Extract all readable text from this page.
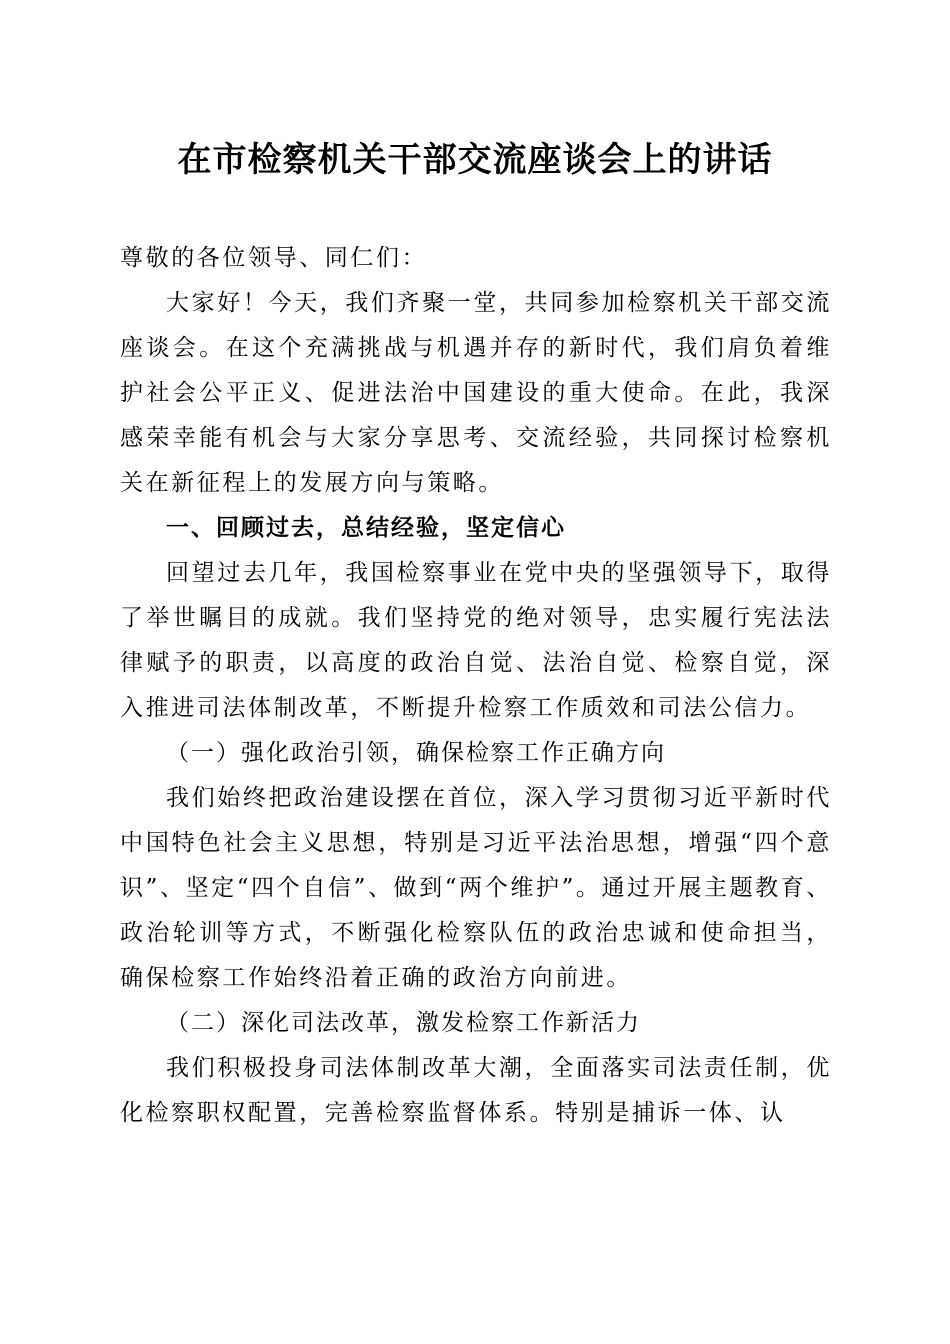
在市检察机关干部交流座谈会上的讲话

尊敬的各位领导、同仁们：

大家好！今天，我们齐聚一堂，共同参加检察机关干部交流座谈会。在这个充满挑战与机遇并存的新时代，我们肩负着维护社会公平正义、促进法治中国建设的重大使命。在此，我深感荣幸能有机会与大家分享思考、交流经验，共同探讨检察机关在新征程上的发展方向与策略。

一、回顾过去，总结经验，坚定信心

回望过去几年，我国检察事业在党中央的坚强领导下，取得了举世瞩目的成就。我们坚持党的绝对领导，忠实履行宪法法律赋予的职责，以高度的政治自觉、法治自觉、检察自觉，深入推进司法体制改革，不断提升检察工作质效和司法公信力。

（一）强化政治引领，确保检察工作正确方向

我们始终把政治建设摆在首位，深入学习贯彻习近平新时代中国特色社会主义思想，特别是习近平法治思想，增强“四个意识”、坚定“四个自信”、做到“两个维护”。通过开展主题教育、政治轮训等方式，不断强化检察队伍的政治忠诚和使命担当，确保检察工作始终沿着正确的政治方向前进。

（二）深化司法改革，激发检察工作新活力

我们积极投身司法体制改革大潮，全面落实司法责任制，优化检察职权配置，完善检察监督体系。特别是捕诉一体、认
